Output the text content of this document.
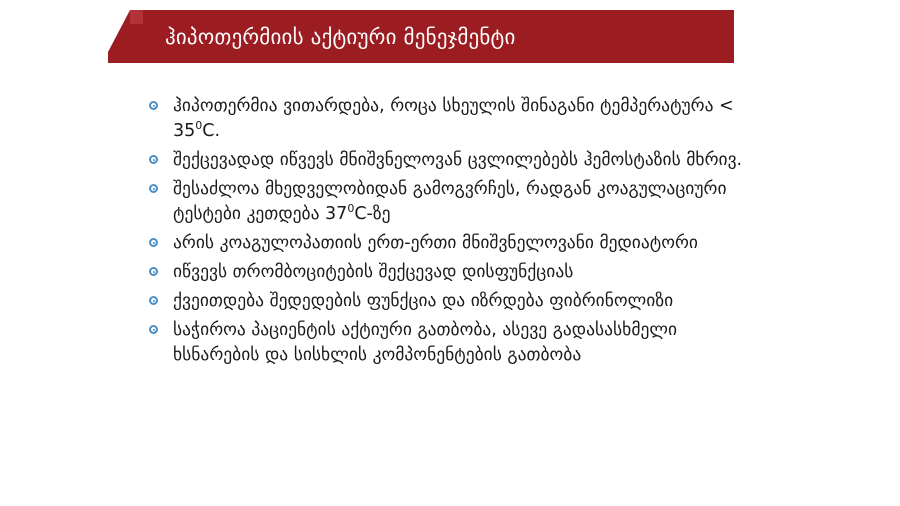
ჰიპოთერმიის აქტიური მენეჯმენტი
ჰიპოთერმია ვითარდება, როცა სხეულის შინაგანი ტემპერატურა < $35^0C$.
შექცევადად იწვევს მნიშვნელოვან ცვლილებებს ჰემოსტაზის მხრივ.
შესაძლოა მხედველობიდან გამოგვრჩეს, რადგან კოაგულაციური ტესტები კეთდება $37^0C-ზე$
არის კოაგულოპათიის ერთ-ერთი მნიშვნელოვანი მედიატორი
იწვევს თრომბოციტების შექცევად დისფუნქციას
ქვეითდება შედედების ფუნქცია და იზრდება ფიბრინოლიზი
საჭიროა პაციენტის აქტიური გათბობა, ასევე გადასასხმელი ხსნარების და სისხლის კომპონენტების გათბობა
